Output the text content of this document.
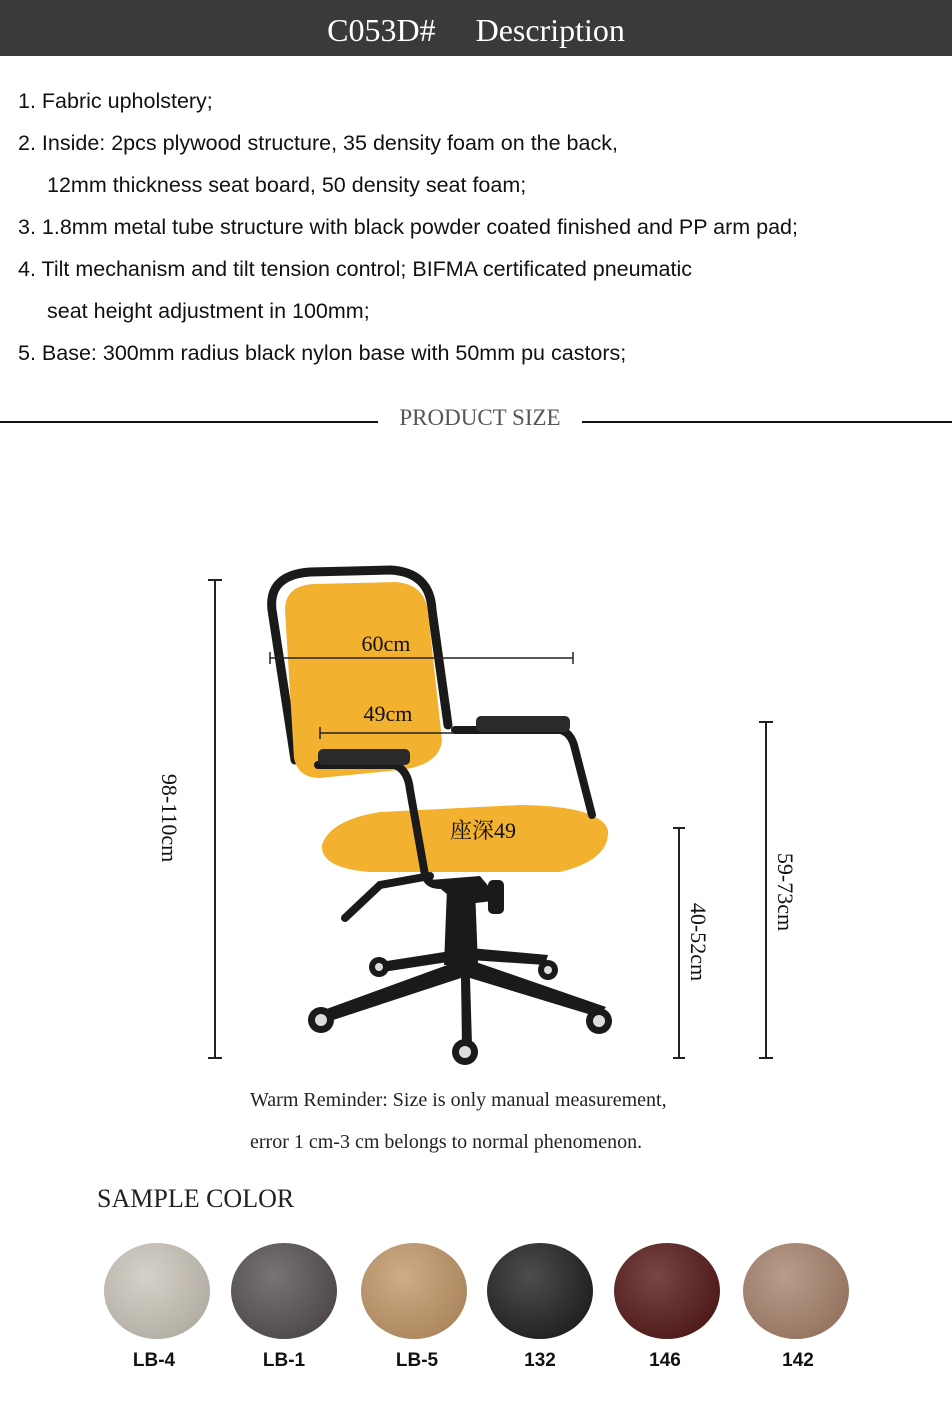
C053D# Description
1. Fabric upholstery;
2. Inside: 2pcs plywood structure, 35 density foam on the back,
12mm thickness seat board, 50 density seat foam;
3. 1.8mm metal tube structure with black powder coated finished and PP arm pad;
4. Tilt mechanism and tilt tension control; BIFMA certificated pneumatic
seat height adjustment in 100mm;
5. Base: 300mm radius black nylon base with 50mm pu castors;
PRODUCT SIZE
98-110cm
60cm
49cm
座深49
40-52cm
59-73cm
Warm Reminder: Size is only manual measurement,
error 1 cm-3 cm belongs to normal phenomenon.
SAMPLE COLOR
LB-4	LB-1	LB-5	132	146	142
